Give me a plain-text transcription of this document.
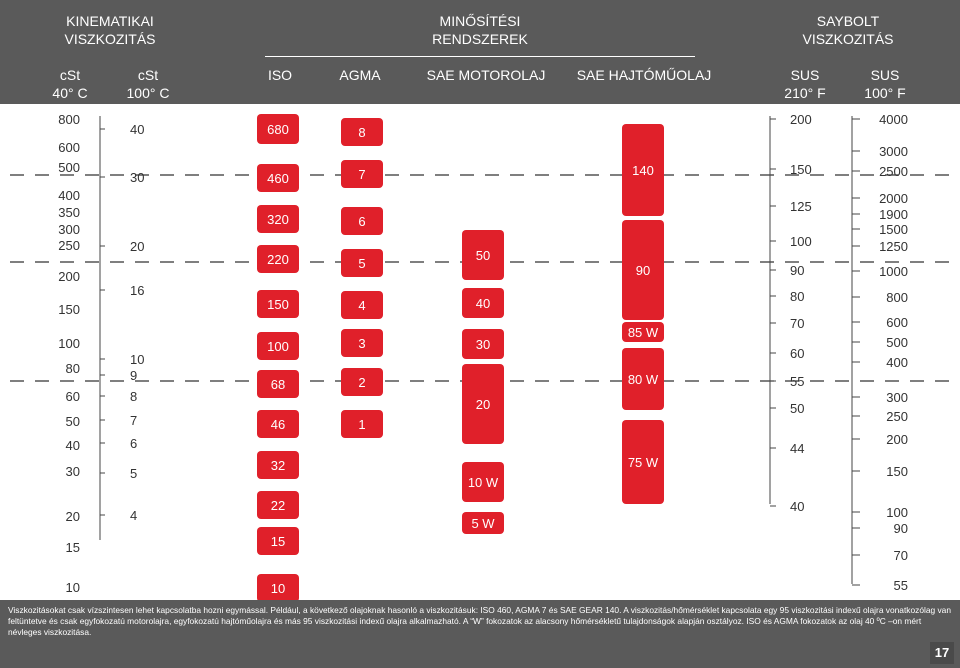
KINEMATIKAI
VISZKOZITÁS
MINŐSÍTÉSI
RENDSZEREK
SAYBOLT
VISZKOZITÁS
cSt
40° C
cSt
100° C
ISO	AGMA	SAE MOTOROLAJ	SAE HAJTÓMŰOLAJ	SUS
210° F
SUS
100° F
800
600
500
400
350
300
250
200
150
100
80
60
50
40
30
20
15
10
40
30
20
16
10
9
8
7
6
5
4
200
150
125
100
90
80
70
60
55
50
44
40
4000
3000
2500
2000
1900
1500
1250
1000
800
600
500
400
300
250
200
150
100
90
70
55
680
460
320
220
150
100
68
46
32
22
15
10
8
7
6
5
4
3
2
1
50
40
30
20
10 W
5 W
140
90
85 W
80 W
75 W
Viszkozitásokat csak vízszintesen lehet kapcsolatba hozni egymással. Például, a következő olajoknak hasonló a viszkozitásuk: ISO 460, AGMA 7 és SAE GEAR 140. A viszkozitás/hőmérséklet kapcsolata egy 95 viszkozitási indexű olajra vonatkozólag van feltüntetve és csak egyfokozatú motorolajra, egyfokozatú hajtóműolajra és más 95 viszkozitási indexű olajra alkalmazható. A “W” fokozatok az alacsony hőmérsékletű tulajdonságok alapján osztályoz. ISO és AGMA fokozatok az olaj 40 ºC –on mért névleges viszkozitása.
17
